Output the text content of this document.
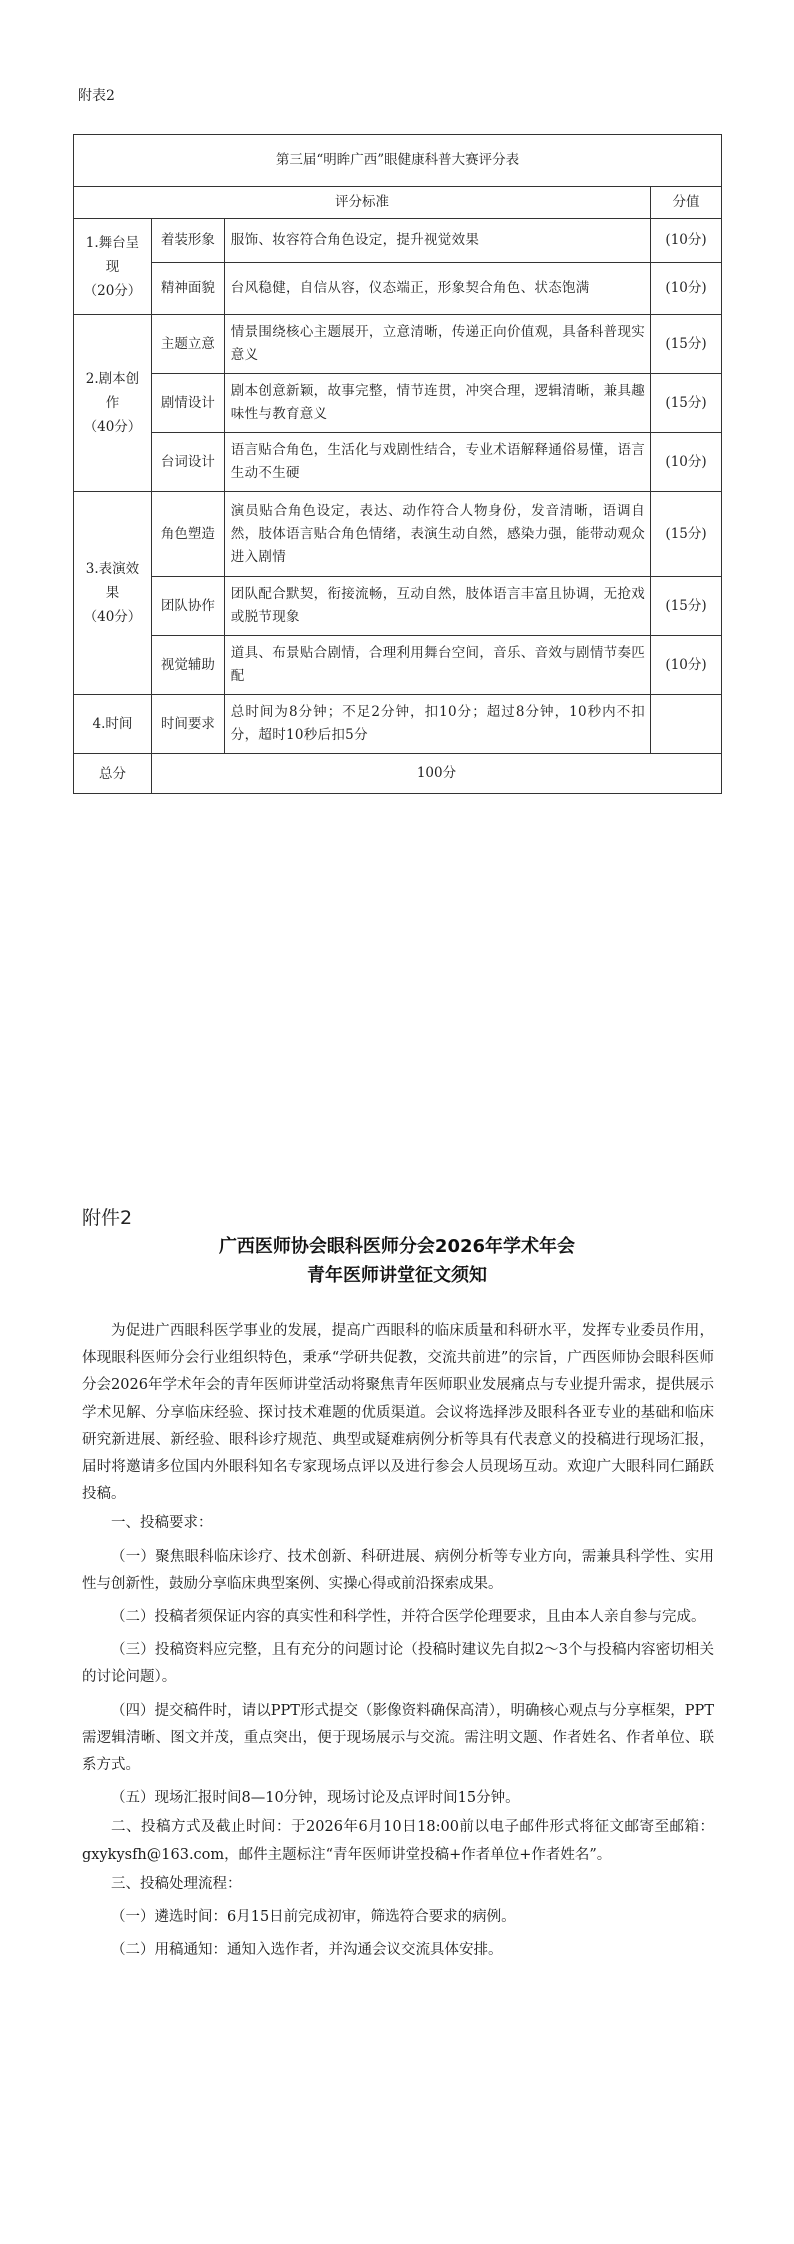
附表2
第三届“明眸广西”眼健康科普大赛评分表			
评分标准			分值
1.舞台呈
现
（20分）	着装形象	服饰、妆容符合角色设定，提升视觉效果	(10分)
	精神面貌	台风稳健，自信从容，仪态端正，形象契合角色、状态饱满	(10分)
2.剧本创
作
（40分）	主题立意	情景围绕核心主题展开，立意清晰，传递正向价值观，具备科普现实意义	(15分)
	剧情设计	剧本创意新颖，故事完整，情节连贯，冲突合理，逻辑清晰，兼具趣味性与教育意义	(15分)
	台词设计	语言贴合角色，生活化与戏剧性结合，专业术语解释通俗易懂，语言生动不生硬	(10分)
3.表演效
果
（40分）	角色塑造	演员贴合角色设定，表达、动作符合人物身份，发音清晰，语调自然，肢体语言贴合角色情绪，表演生动自然，感染力强，能带动观众进入剧情	(15分)
	团队协作	团队配合默契，衔接流畅，互动自然，肢体语言丰富且协调，无抢戏或脱节现象	(15分)
	视觉辅助	道具、布景贴合剧情，合理利用舞台空间，音乐、音效与剧情节奏匹配	(10分)
4.时间	时间要求	总时间为8分钟；不足2分钟，扣10分；超过8分钟，10秒内不扣分，超时10秒后扣5分	
总分	100分		
附件2
广西医师协会眼科医师分会2026年学术年会
青年医师讲堂征文须知

为促进广西眼科医学事业的发展，提高广西眼科的临床质量和科研水平，发挥专业委员作用，体现眼科医师分会行业组织特色，秉承“学研共促教，交流共前进”的宗旨，广西医师协会眼科医师分会2026年学术年会的青年医师讲堂活动将聚焦青年医师职业发展痛点与专业提升需求，提供展示学术见解、分享临床经验、探讨技术难题的优质渠道。会议将选择涉及眼科各亚专业的基础和临床研究新进展、新经验、眼科诊疗规范、典型或疑难病例分析等具有代表意义的投稿进行现场汇报，届时将邀请多位国内外眼科知名专家现场点评以及进行参会人员现场互动。欢迎广大眼科同仁踊跃投稿。

一、投稿要求：

（一）聚焦眼科临床诊疗、技术创新、科研进展、病例分析等专业方向，需兼具科学性、实用性与创新性，鼓励分享临床典型案例、实操心得或前沿探索成果。

（二）投稿者须保证内容的真实性和科学性，并符合医学伦理要求，且由本人亲自参与完成。

（三）投稿资料应完整，且有充分的问题讨论（投稿时建议先自拟2～3个与投稿内容密切相关的讨论问题）。

（四）提交稿件时，请以PPT形式提交（影像资料确保高清），明确核心观点与分享框架，PPT需逻辑清晰、图文并茂，重点突出，便于现场展示与交流。需注明文题、作者姓名、作者单位、联系方式。

（五）现场汇报时间8—10分钟，现场讨论及点评时间15分钟。

二、投稿方式及截止时间：于2026年6月10日18:00前以电子邮件形式将征文邮寄至邮箱：gxykysfh@163.com，邮件主题标注“青年医师讲堂投稿+作者单位+作者姓名”。

三、投稿处理流程：

（一）遴选时间：6月15日前完成初审，筛选符合要求的病例。

（二）用稿通知：通知入选作者，并沟通会议交流具体安排。
